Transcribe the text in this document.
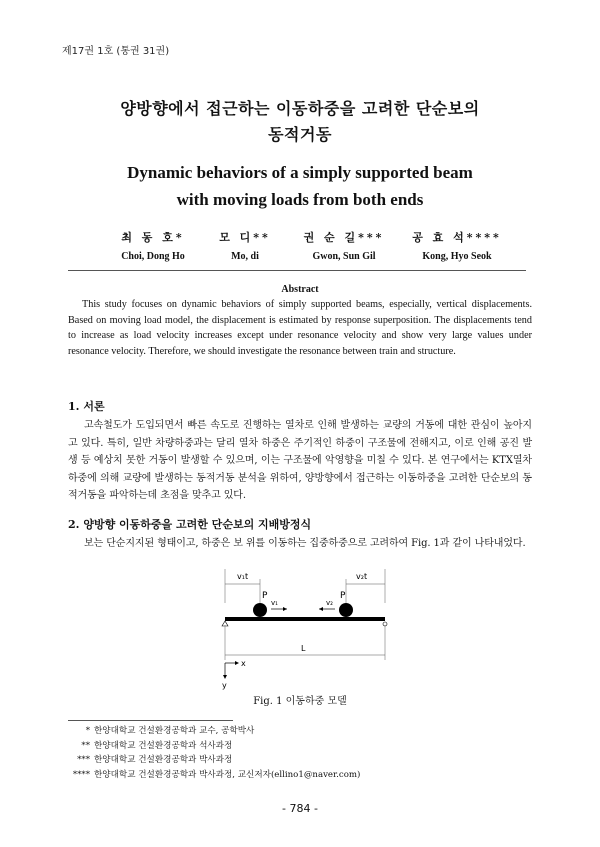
제17권 1호 (통권 31권)
양방향에서 접근하는 이동하중을 고려한 단순보의
동적거동
Dynamic behaviors of a simply supported beam
with moving loads from both ends
최 동 호*
Choi, Dong Ho
모 디**
Mo, di
권 순 길***
Gwon, Sun Gil
공 효 석****
Kong, Hyo Seok
Abstract
This study focuses on dynamic behaviors of simply supported beams, especially, vertical displacements. Based on moving load model, the displacement is estimated by response superposition. The displacements tend to increase as load velocity increases except under resonance velocity and show very large values under resonance velocity. Therefore, we should investigate the resonance between train and structure.
1. 서론
고속철도가 도입되면서 빠른 속도로 진행하는 열차로 인해 발생하는 교량의 거동에 대한 관심이 높아지고 있다. 특히, 일반 차량하중과는 달리 열차 하중은 주기적인 하중이 구조물에 전해지고, 이로 인해 공진 발생 등 예상치 못한 거동이 발생할 수 있으며, 이는 구조물에 악영향을 미칠 수 있다. 본 연구에서는 KTX열차하중에 의해 교량에 발생하는 동적거동 분석을 위하여, 양방향에서 접근하는 이동하중을 고려한 단순보의 동적거동을 파악하는데 초점을 맞추고 있다.
2. 양방향 이동하중을 고려한 단순보의 지배방정식
보는 단순지지된 형태이고, 하중은 보 위를 이동하는 집중하중으로 고려하여 Fig. 1과 같이 나타내었다.
v₁t	v₂t
P	P
v₁	v₂
L
x
y
Fig. 1 이동하중 모델
* 한양대학교 건설환경공학과 교수, 공학박사
** 한양대학교 건설환경공학과 석사과정
*** 한양대학교 건설환경공학과 박사과정
**** 한양대학교 건설환경공학과 박사과정, 교신저자(ellino1@naver.com)
- 784 -
